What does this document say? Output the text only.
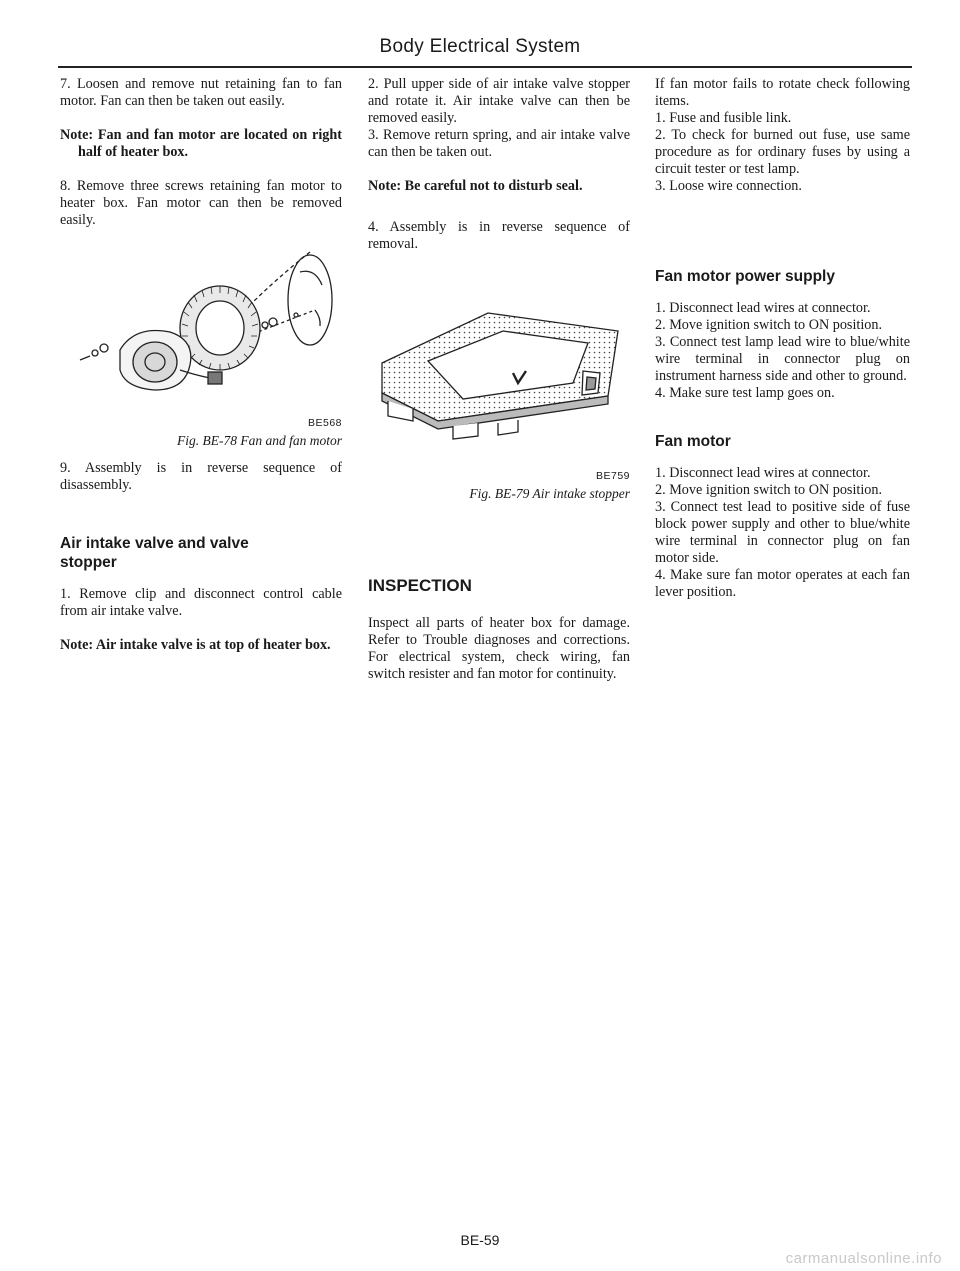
Body Electrical System

7. Loosen and remove nut retaining fan to fan motor. Fan can then be taken out easily.

Note: Fan and fan motor are located on right half of heater box.

8. Remove three screws retaining fan motor to heater box. Fan motor can then be removed easily.

BE568
Fig. BE-78 Fan and fan motor

9. Assembly is in reverse sequence of disassembly.

Air intake valve and valve stopper

1. Remove clip and disconnect control cable from air intake valve.

Note: Air intake valve is at top of heater box.

2. Pull upper side of air intake valve stopper and rotate it. Air intake valve can then be removed easily.

3. Remove return spring, and air intake valve can then be taken out.

Note: Be careful not to disturb seal.

4. Assembly is in reverse sequence of removal.

BE759
Fig. BE-79 Air intake stopper
INSPECTION

Inspect all parts of heater box for damage. Refer to Trouble diagnoses and corrections. For electrical system, check wiring, fan switch resister and fan motor for continuity.

If fan motor fails to rotate check following items.

1. Fuse and fusible link.

2. To check for burned out fuse, use same procedure as for ordinary fuses by using a circuit tester or test lamp.

3. Loose wire connection.

Fan motor power supply

1. Disconnect lead wires at connector.

2. Move ignition switch to ON position.

3. Connect test lamp lead wire to blue/white wire terminal in connector plug on instrument harness side and other to ground.

4. Make sure test lamp goes on.

Fan motor

1. Disconnect lead wires at connector.

2. Move ignition switch to ON position.

3. Connect test lead to positive side of fuse block power supply and other to blue/white wire terminal in connector plug on fan motor side.

4. Make sure fan motor operates at each fan lever position.

BE-59
carmanualsonline.info
